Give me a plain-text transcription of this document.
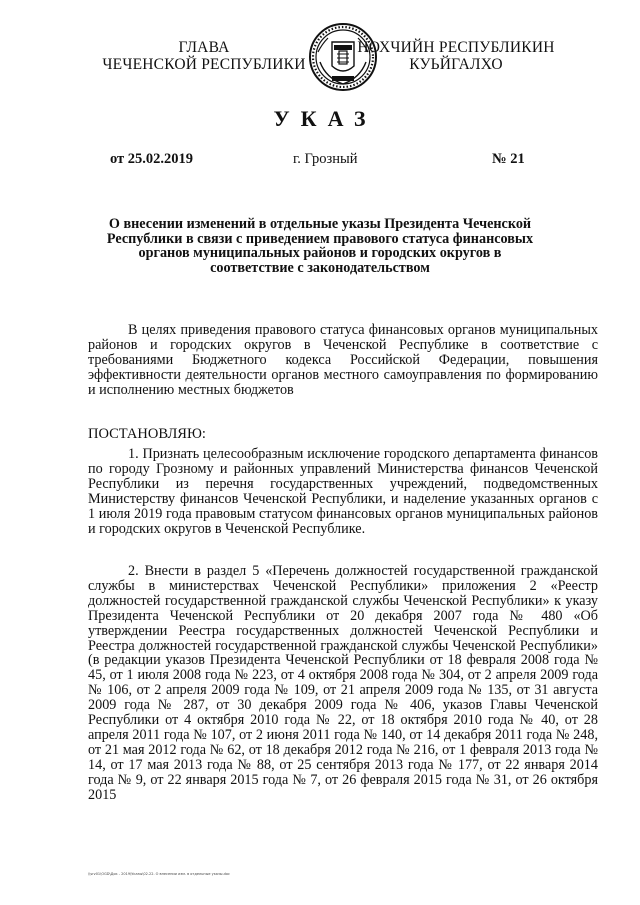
ГЛАВА
ЧЕЧЕНСКОЙ РЕСПУБЛИКИ
НОХЧИЙН РЕСПУБЛИКИН
КУЬЙГАЛХО
УКАЗ
от 25.02.2019	г. Грозный	№ 21
О внесении изменений в отдельные указы Президента Чеченской Республики в связи с приведением правового статуса финансовых органов муниципальных районов и городских округов в соответствие с законодательством
В целях приведения правового статуса финансовых органов муниципальных районов и городских округов в Чеченской Республике в соответствие с требованиями Бюджетного кодекса Российской Федерации, повышения эффективности деятельности органов местного самоуправления по формированию и исполнению местных бюджетов
ПОСТАНОВЛЯЮ:
1. Признать целесообразным исключение городского департамента финансов по городу Грозному и районных управлений Министерства финансов Чеченской Республики из перечня государственных учреждений, подведомственных Министерству финансов Чеченской Республики, и наделение указанных органов с 1 июля 2019 года правовым статусом финансовых органов муниципальных районов и городских округов в Чеченской Республике.
2. Внести в раздел 5 «Перечень должностей государственной гражданской службы в министерствах Чеченской Республики» приложения 2 «Реестр должностей государственной гражданской службы Чеченской Республики» к указу Президента Чеченской Республики от 20 декабря 2007 года № 480 «Об утверждении Реестра государственных должностей Чеченской Республики и Реестра должностей государственной гражданской службы Чеченской Республики» (в редакции указов Президента Чеченской Республики от 18 февраля 2008 года № 45, от 1 июля 2008 года № 223, от 4 октября 2008 года № 304, от 2 апреля 2009 года № 106, от 2 апреля 2009 года № 109, от 21 апреля 2009 года № 135, от 31 августа 2009 года № 287, от 30 декабря 2009 года № 406, указов Главы Чеченской Республики от 4 октября 2010 года № 22, от 18 октября 2010 года № 40, от 28 апреля 2011 года № 107, от 2 июня 2011 года № 140, от 14 декабря 2011 года № 248, от 21 мая 2012 года № 62, от 18 декабря 2012 года № 216, от 1 февраля 2013 года № 14, от 17 мая 2013 года № 88, от 25 сентября 2013 года № 177, от 22 января 2014 года № 9, от 22 января 2015 года № 7, от 26 февраля 2015 года № 31, от 26 октября 2015
\\srv01\OGD\Док - 2019\Указы\02.22. О внесении изм. в отдельные указы.doc
